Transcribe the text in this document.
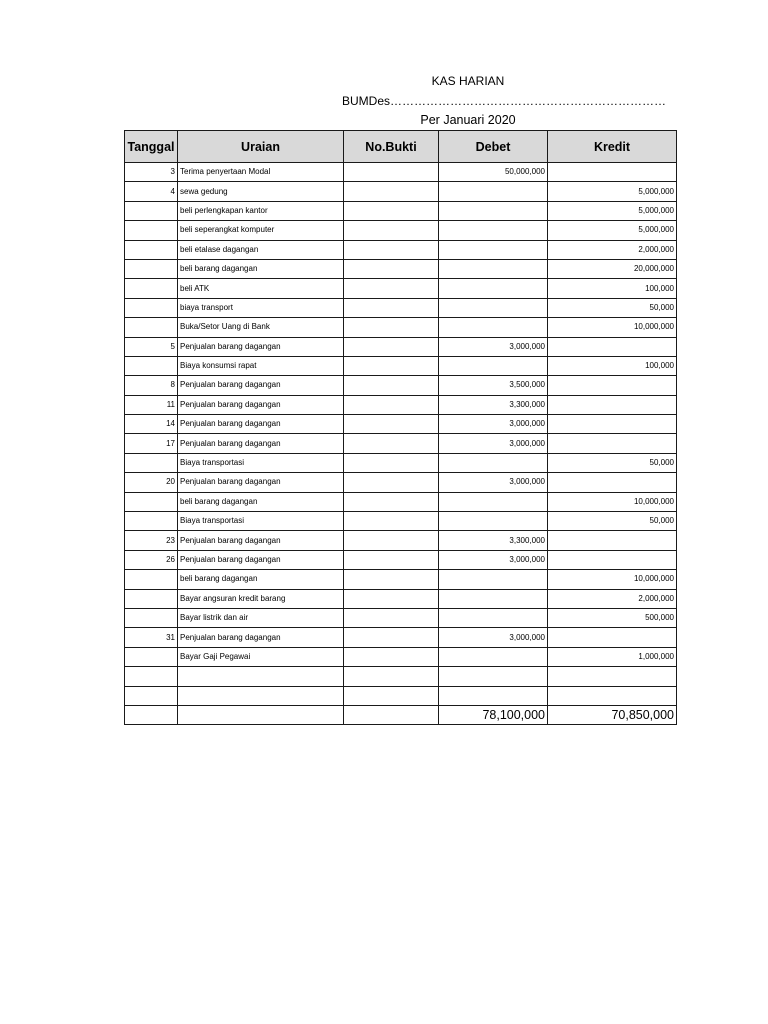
KAS HARIAN
BUMDes……………………………………………………………
Per Januari 2020
Tanggal	Uraian	No.Bukti	Debet	Kredit
3	Terima penyertaan Modal		50,000,000	
4	sewa gedung			5,000,000
	beli perlengkapan kantor			5,000,000
	beli seperangkat komputer			5,000,000
	beli etalase dagangan			2,000,000
	beli barang dagangan			20,000,000
	beli ATK			100,000
	biaya transport			50,000
	Buka/Setor Uang di Bank			10,000,000
5	Penjualan barang dagangan		3,000,000	
	Biaya konsumsi rapat			100,000
8	Penjualan barang dagangan		3,500,000	
11	Penjualan barang dagangan		3,300,000	
14	Penjualan barang dagangan		3,000,000	
17	Penjualan barang dagangan		3,000,000	
	Biaya transportasi			50,000
20	Penjualan barang dagangan		3,000,000	
	beli barang dagangan			10,000,000
	Biaya transportasi			50,000
23	Penjualan barang dagangan		3,300,000	
26	Penjualan barang dagangan		3,000,000	
	beli barang dagangan			10,000,000
	Bayar angsuran kredit barang			2,000,000
	Bayar listrik dan air			500,000
31	Penjualan barang dagangan		3,000,000	
	Bayar Gaji Pegawai			1,000,000

			78,100,000	70,850,000
